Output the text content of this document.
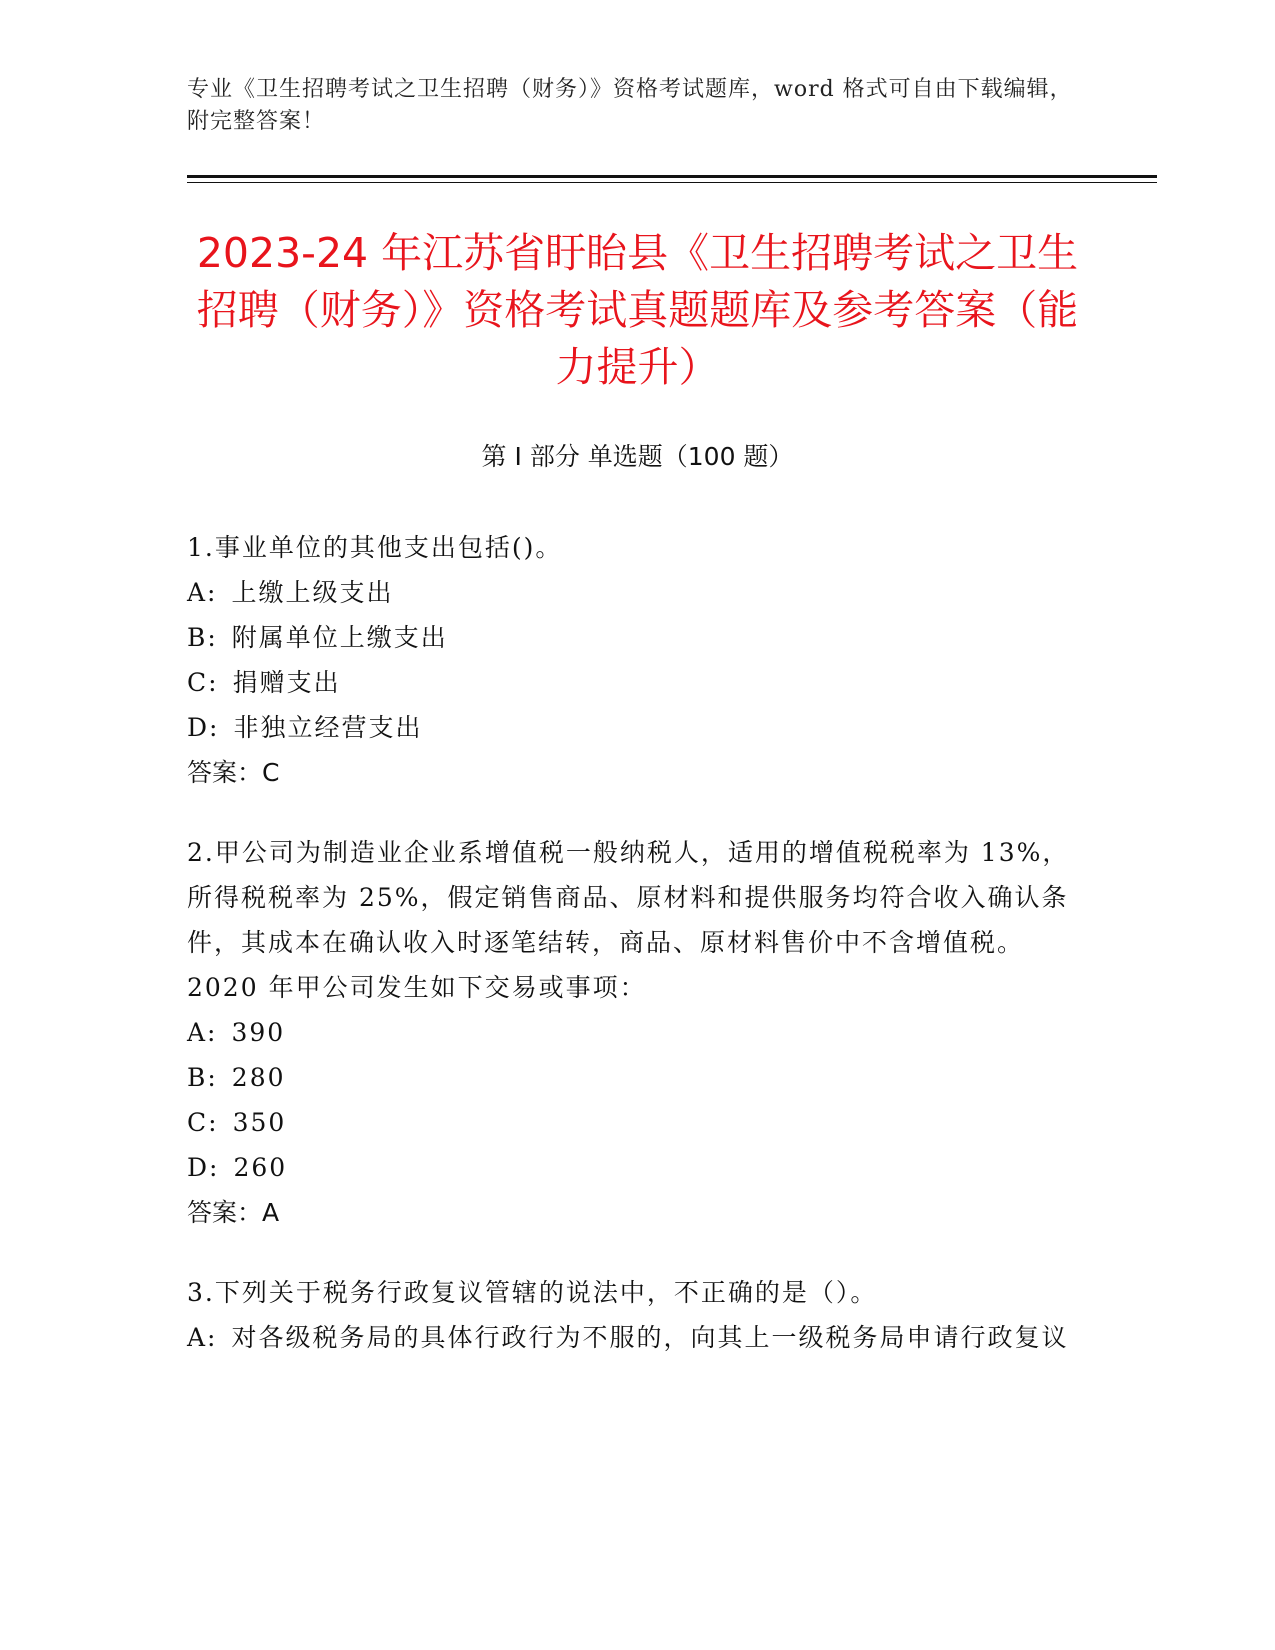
专业《卫生招聘考试之卫生招聘（财务）》资格考试题库，word 格式可自由下载编辑，附完整答案！
2023-24 年江苏省盱眙县《卫生招聘考试之卫生招聘（财务）》资格考试真题题库及参考答案（能力提升）
第 I 部分 单选题（100 题）

1.事业单位的其他支出包括()。

A: 上缴上级支出

B: 附属单位上缴支出

C: 捐赠支出

D: 非独立经营支出

答案：C

2.甲公司为制造业企业系增值税一般纳税人，适用的增值税税率为 13%，所得税税率为 25%，假定销售商品、原材料和提供服务均符合收入确认条件，其成本在确认收入时逐笔结转，商品、原材料售价中不含增值税。2020 年甲公司发生如下交易或事项：

A: 390

B: 280

C: 350

D: 260

答案：A

3.下列关于税务行政复议管辖的说法中，不正确的是（）。

A: 对各级税务局的具体行政行为不服的，向其上一级税务局申请行政复议
